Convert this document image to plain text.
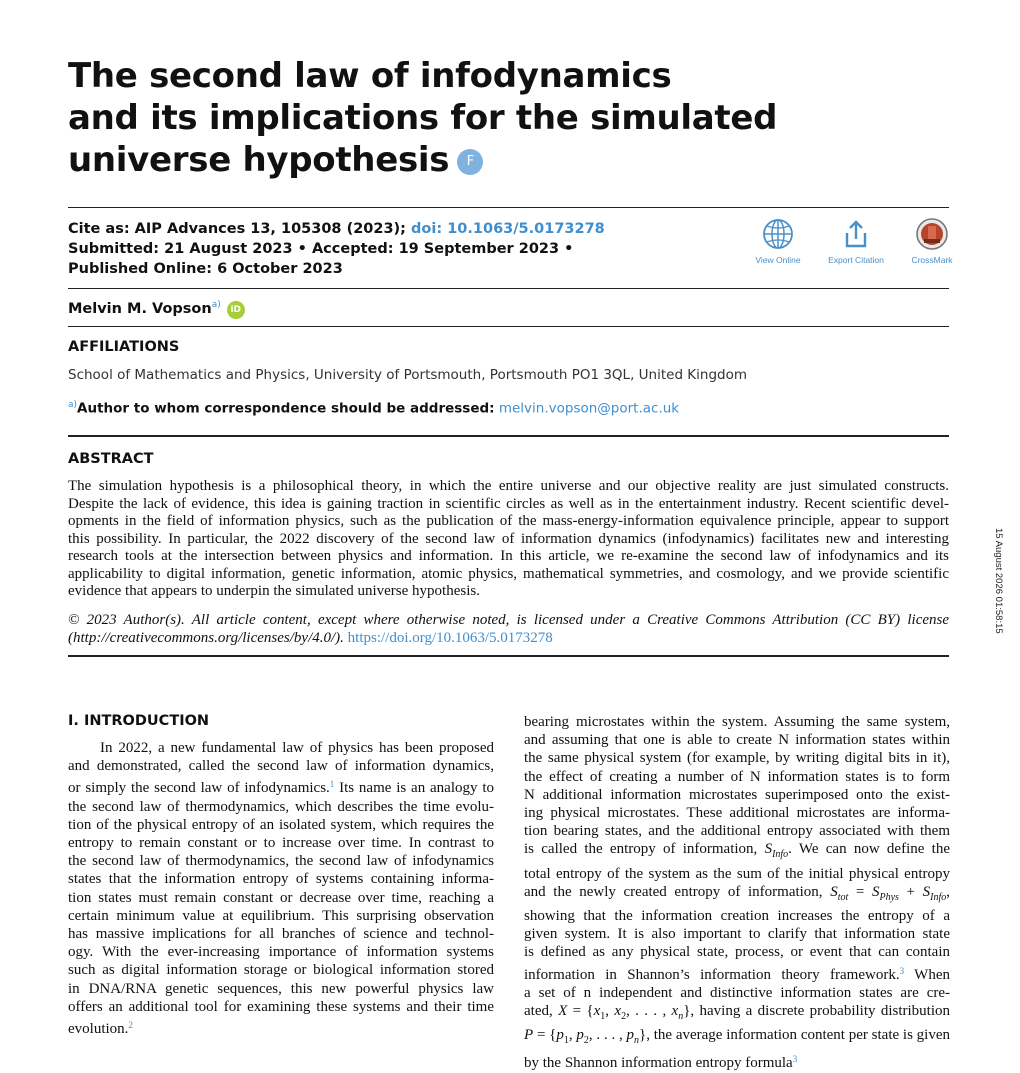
The second law of infodynamics
and its implications for the simulated
universe hypothesis F
Cite as: AIP Advances 13, 105308 (2023); doi: 10.1063/5.0173278
Submitted: 21 August 2023 • Accepted: 19 September 2023 •
Published Online: 6 October 2023
View Online	Export Citation	CrossMark
Melvin M. Vopson$^{a)}$ iD
AFFILIATIONS
School of Mathematics and Physics, University of Portsmouth, Portsmouth PO1 3QL, United Kingdom
$^{a)}$Author to whom correspondence should be addressed: melvin.vopson@port.ac.uk
ABSTRACT
The simulation hypothesis is a philosophical theory, in which the entire universe and our objective reality are just simulated constructs.
Despite the lack of evidence, this idea is gaining traction in scientific circles as well as in the entertainment industry. Recent scientific devel-
opments in the field of information physics, such as the publication of the mass-energy-information equivalence principle, appear to support
this possibility. In particular, the 2022 discovery of the second law of information dynamics (infodynamics) facilitates new and interesting
research tools at the intersection between physics and information. In this article, we re-examine the second law of infodynamics and its
applicability to digital information, genetic information, atomic physics, mathematical symmetries, and cosmology, and we provide scientific
evidence that appears to underpin the simulated universe hypothesis.
© 2023 Author(s). All article content, except where otherwise noted, is licensed under a Creative Commons Attribution (CC BY) license
(http://creativecommons.org/licenses/by/4.0/). https://doi.org/10.1063/5.0173278
I. INTRODUCTION
In 2022, a new fundamental law of physics has been proposed
and demonstrated, called the second law of information dynamics,
or simply the second law of infodynamics.$^1$ Its name is an analogy to
the second law of thermodynamics, which describes the time evolu-
tion of the physical entropy of an isolated system, which requires the
entropy to remain constant or to increase over time. In contrast to
the second law of thermodynamics, the second law of infodynamics
states that the information entropy of systems containing informa-
tion states must remain constant or decrease over time, reaching a
certain minimum value at equilibrium. This surprising observation
has massive implications for all branches of science and technol-
ogy. With the ever-increasing importance of information systems
such as digital information storage or biological information stored
in DNA/RNA genetic sequences, this new powerful physics law
offers an additional tool for examining these systems and their time
evolution.$^2$
bearing microstates within the system. Assuming the same system,
and assuming that one is able to create N information states within
the same physical system (for example, by writing digital bits in it),
the effect of creating a number of N information states is to form
N additional information microstates superimposed onto the exist-
ing physical microstates. These additional microstates are informa-
tion bearing states, and the additional entropy associated with them
is called the entropy of information, $S_{Info}$. We can now define the
total entropy of the system as the sum of the initial physical entropy
and the newly created entropy of information, $S_{tot} = S_{Phys} + S_{Info}$,
showing that the information creation increases the entropy of a
given system. It is also important to clarify that information state
is defined as any physical state, process, or event that can contain
information in Shannon’s information theory framework.$^3$ When
a set of n independent and distinctive information states are cre-
ated, $X = \{x_1$, $x_2$, . . . , $x_n$}, having a discrete probability distribution
$P = \{p_1$, $p_2$, . . . , $p_n$}, the average information content per state is given
by the Shannon information entropy formula$^3$
15 August 2026 01:58:15
